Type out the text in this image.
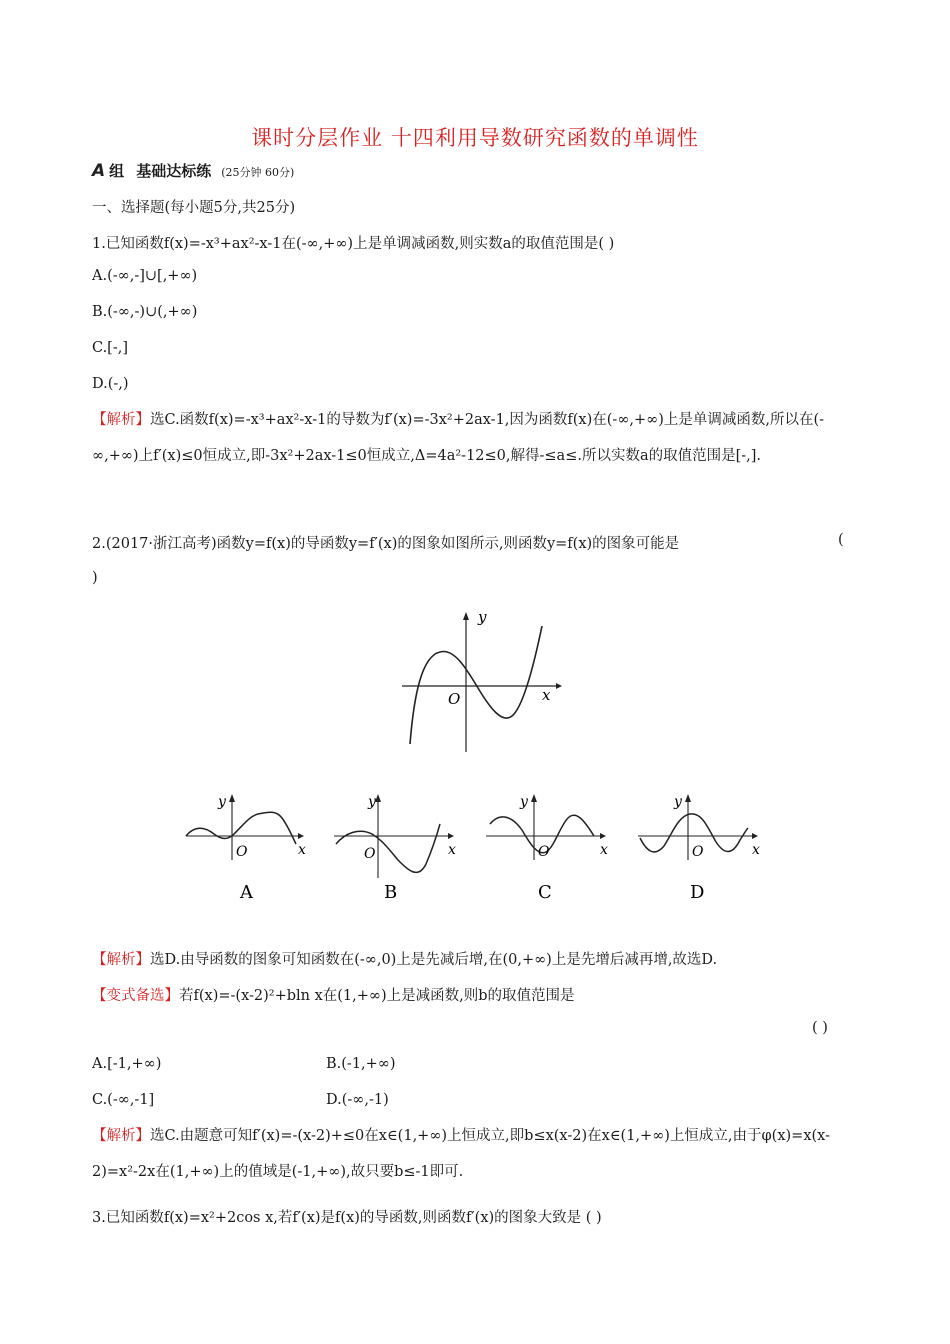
课时分层作业 十四利用导数研究函数的单调性
A 组 基础达标练 (25分钟 60分)
一、选择题(每小题5分,共25分)
1.已知函数f(x)=-x³+ax²-x-1在(-∞,+∞)上是单调减函数,则实数a的取值范围是( )
A.(-∞,-]∪[,+∞)
B.(-∞,-)∪(,+∞)
C.[-,]
D.(-,)
【解析】选C.函数f(x)=-x³+ax²-x-1的导数为f′(x)=-3x²+2ax-1,因为函数f(x)在(-∞,+∞)上是单调减函数,所以在(-∞,+∞)上f′(x)≤0恒成立,即-3x²+2ax-1≤0恒成立,Δ=4a²-12≤0,解得-≤a≤.所以实数a的取值范围是[-,].
2.(2017·浙江高考)函数y=f(x)的导函数y=f′(x)的图象如图所示,则函数y=f(x)的图象可能是	(
)
y
x
O
y
x
O
A
y
x
O
B
y
x
O
C
y
x
O
D
【解析】选D.由导函数的图象可知函数在(-∞,0)上是先减后增,在(0,+∞)上是先增后减再增,故选D.
【变式备选】若f(x)=-(x-2)²+bln x在(1,+∞)上是减函数,则b的取值范围是
( )
A.[-1,+∞)	B.(-1,+∞)
C.(-∞,-1]	D.(-∞,-1)
【解析】选C.由题意可知f′(x)=-(x-2)+≤0在x∈(1,+∞)上恒成立,即b≤x(x-2)在x∈(1,+∞)上恒成立,由于φ(x)=x(x-2)=x²-2x在(1,+∞)上的值域是(-1,+∞),故只要b≤-1即可.
3.已知函数f(x)=x²+2cos x,若f′(x)是f(x)的导函数,则函数f′(x)的图象大致是 ( )
